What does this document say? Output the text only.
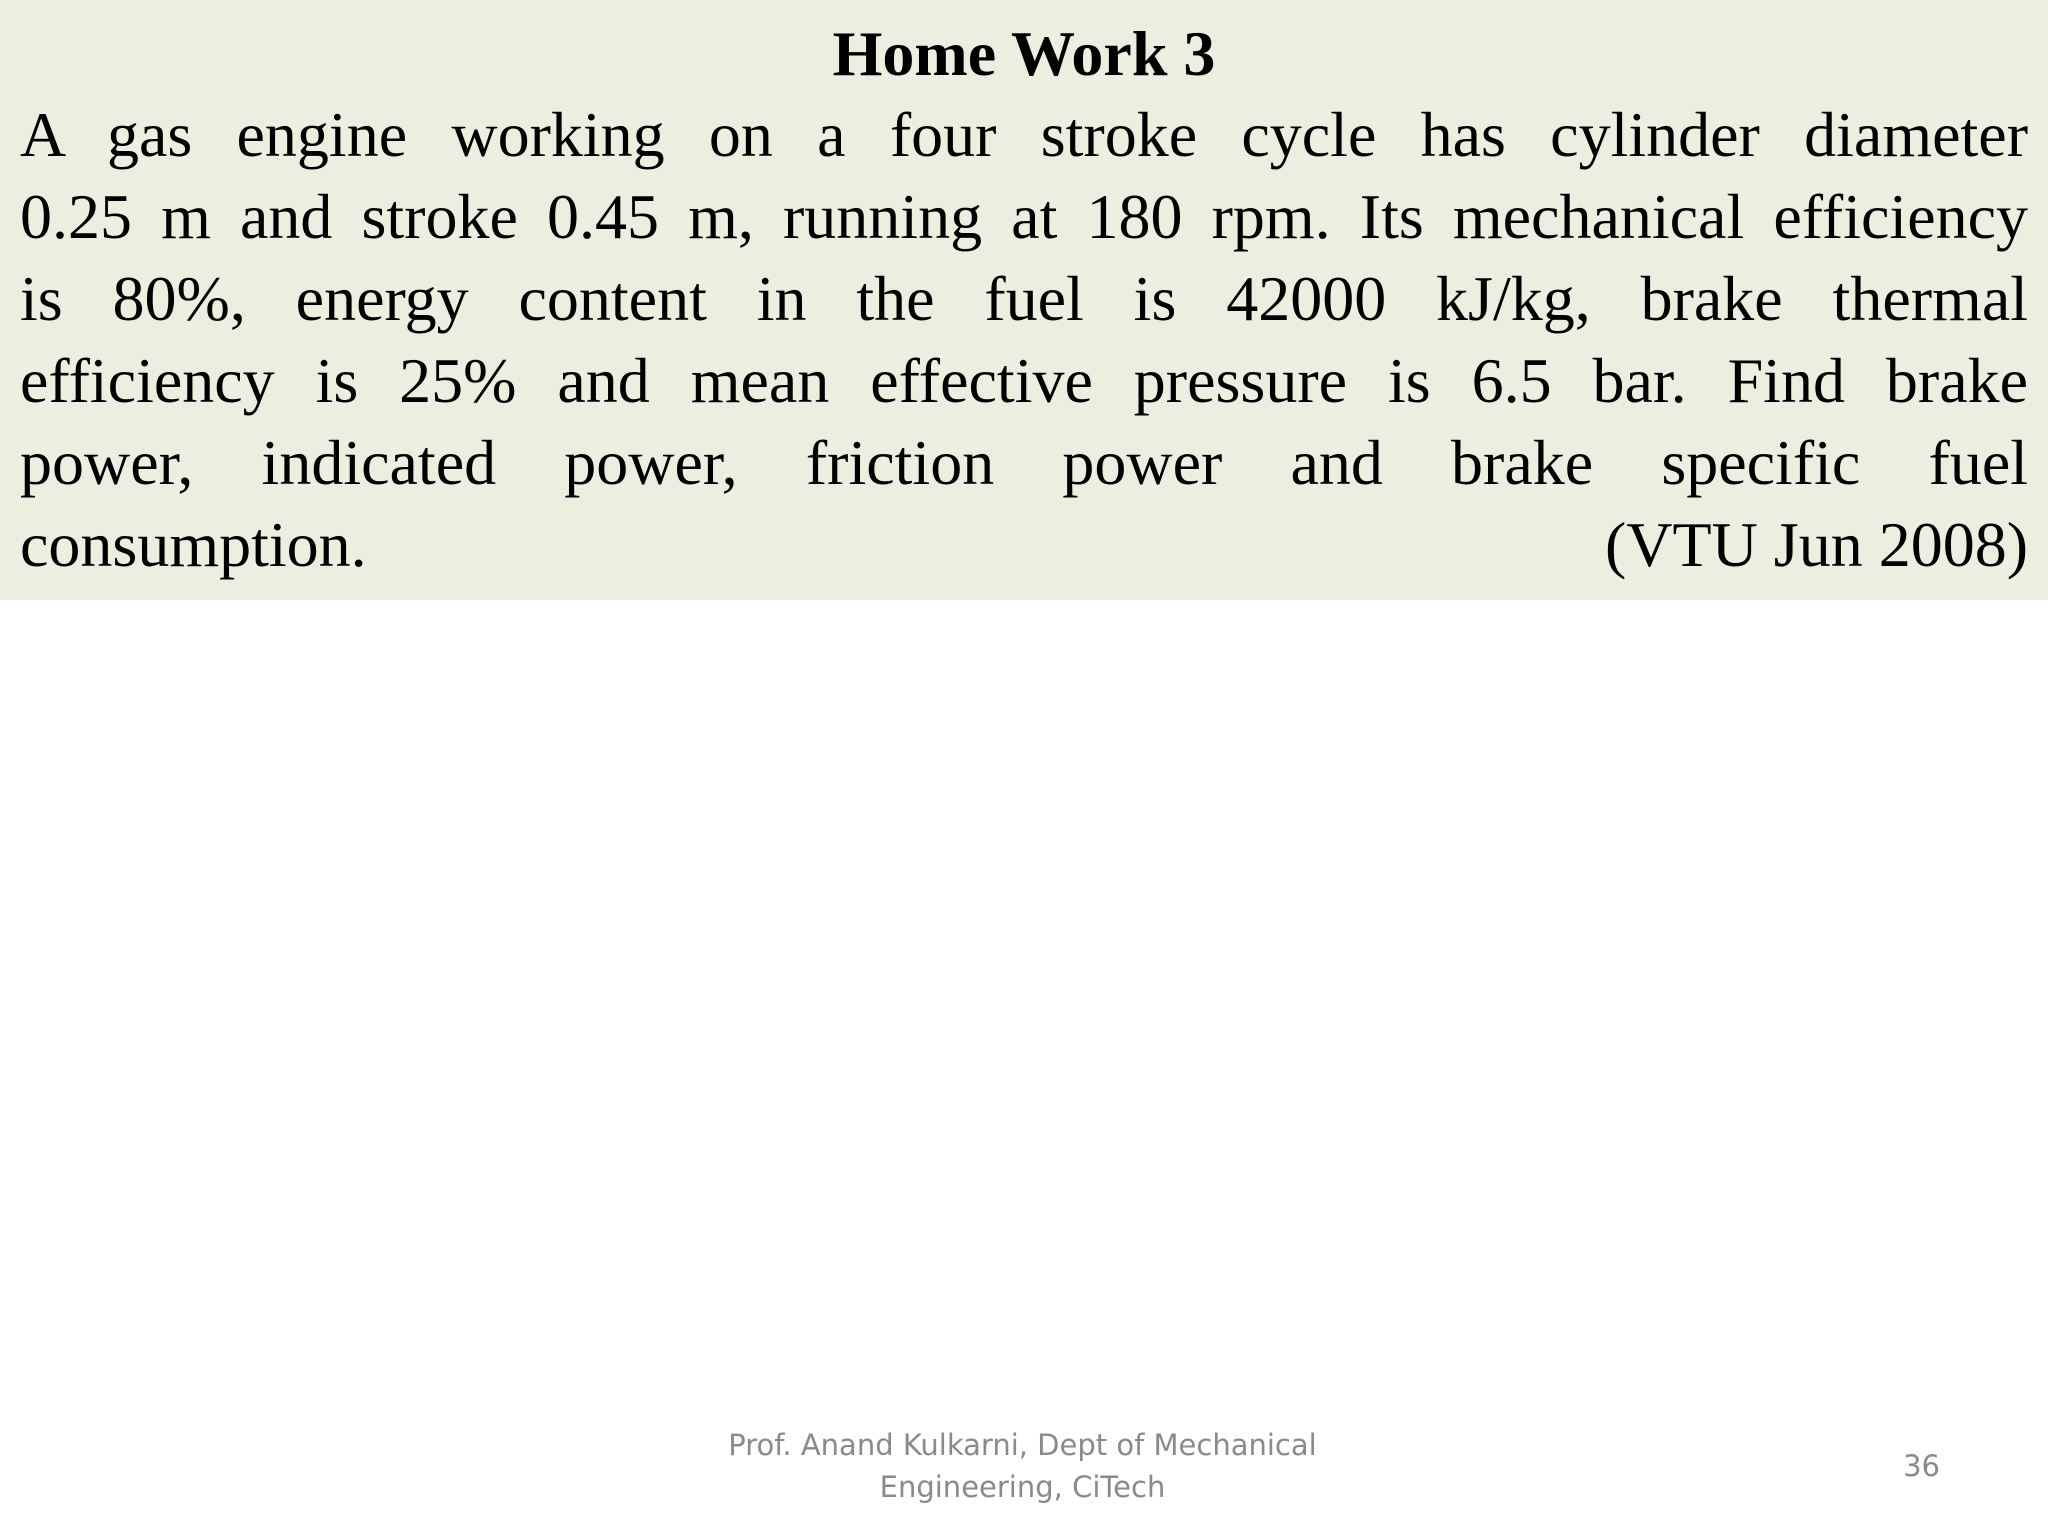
Home Work 3
A gas engine working on a four stroke cycle has cylinder diameter
0.25 m and stroke 0.45 m, running at 180 rpm. Its mechanical efficiency
is 80%, energy content in the fuel is 42000 kJ/kg, brake thermal
efficiency is 25% and mean effective pressure is 6.5 bar. Find brake
power, indicated power, friction power and brake specific fuel
consumption.	(VTU Jun 2008)
Prof. Anand Kulkarni, Dept of Mechanical
Engineering, CiTech
36
